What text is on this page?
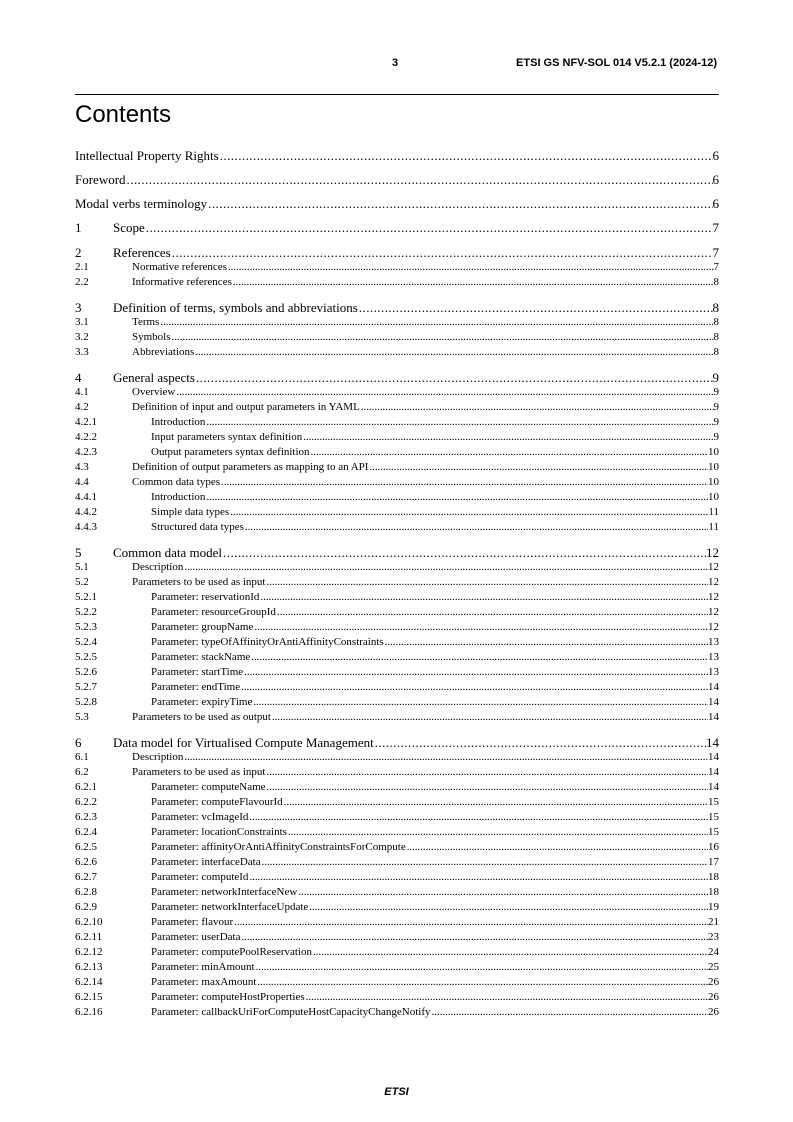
3	ETSI GS NFV-SOL 014 V5.2.1 (2024-12)
Contents
Intellectual Property Rights . . .	6
Foreword . . .	6
Modal verbs terminology . . .	6
1	Scope . . .	7
2	References . . .	7
2.1	Normative references . . .	7
2.2	Informative references . . .	8
3	Definition of terms, symbols and abbreviations . . .	8
3.1	Terms . . .	8
3.2	Symbols . . .	8
3.3	Abbreviations . . .	8
4	General aspects . . .	9
4.1	Overview . . .	9
4.2	Definition of input and output parameters in YAML . . .	9
4.2.1	Introduction . . .	9
4.2.2	Input parameters syntax definition . . .	9
4.2.3	Output parameters syntax definition . . .	10
4.3	Definition of output parameters as mapping to an API . . .	10
4.4	Common data types . . .	10
4.4.1	Introduction . . .	10
4.4.2	Simple data types . . .	11
4.4.3	Structured data types . . .	11
5	Common data model . . .	12
5.1	Description . . .	12
5.2	Parameters to be used as input . . .	12
5.2.1	Parameter: reservationId . . .	12
5.2.2	Parameter: resourceGroupId . . .	12
5.2.3	Parameter: groupName . . .	12
5.2.4	Parameter: typeOfAffinityOrAntiAffinityConstraints . . .	13
5.2.5	Parameter: stackName . . .	13
5.2.6	Parameter: startTime . . .	13
5.2.7	Parameter: endTime . . .	14
5.2.8	Parameter: expiryTime . . .	14
5.3	Parameters to be used as output . . .	14
6	Data model for Virtualised Compute Management . . .	14
6.1	Description . . .	14
6.2	Parameters to be used as input . . .	14
6.2.1	Parameter: computeName . . .	14
6.2.2	Parameter: computeFlavourId . . .	15
6.2.3	Parameter: vcImageId . . .	15
6.2.4	Parameter: locationConstraints . . .	15
6.2.5	Parameter: affinityOrAntiAffinityConstraintsForCompute . . .	16
6.2.6	Parameter: interfaceData . . .	17
6.2.7	Parameter: computeId . . .	18
6.2.8	Parameter: networkInterfaceNew . . .	18
6.2.9	Parameter: networkInterfaceUpdate . . .	19
6.2.10	Parameter: flavour . . .	21
6.2.11	Parameter: userData . . .	23
6.2.12	Parameter: computePoolReservation . . .	24
6.2.13	Parameter: minAmount . . .	25
6.2.14	Parameter: maxAmount . . .	26
6.2.15	Parameter: computeHostProperties . . .	26
6.2.16	Parameter: callbackUriForComputeHostCapacityChangeNotify . . .	26
ETSI
